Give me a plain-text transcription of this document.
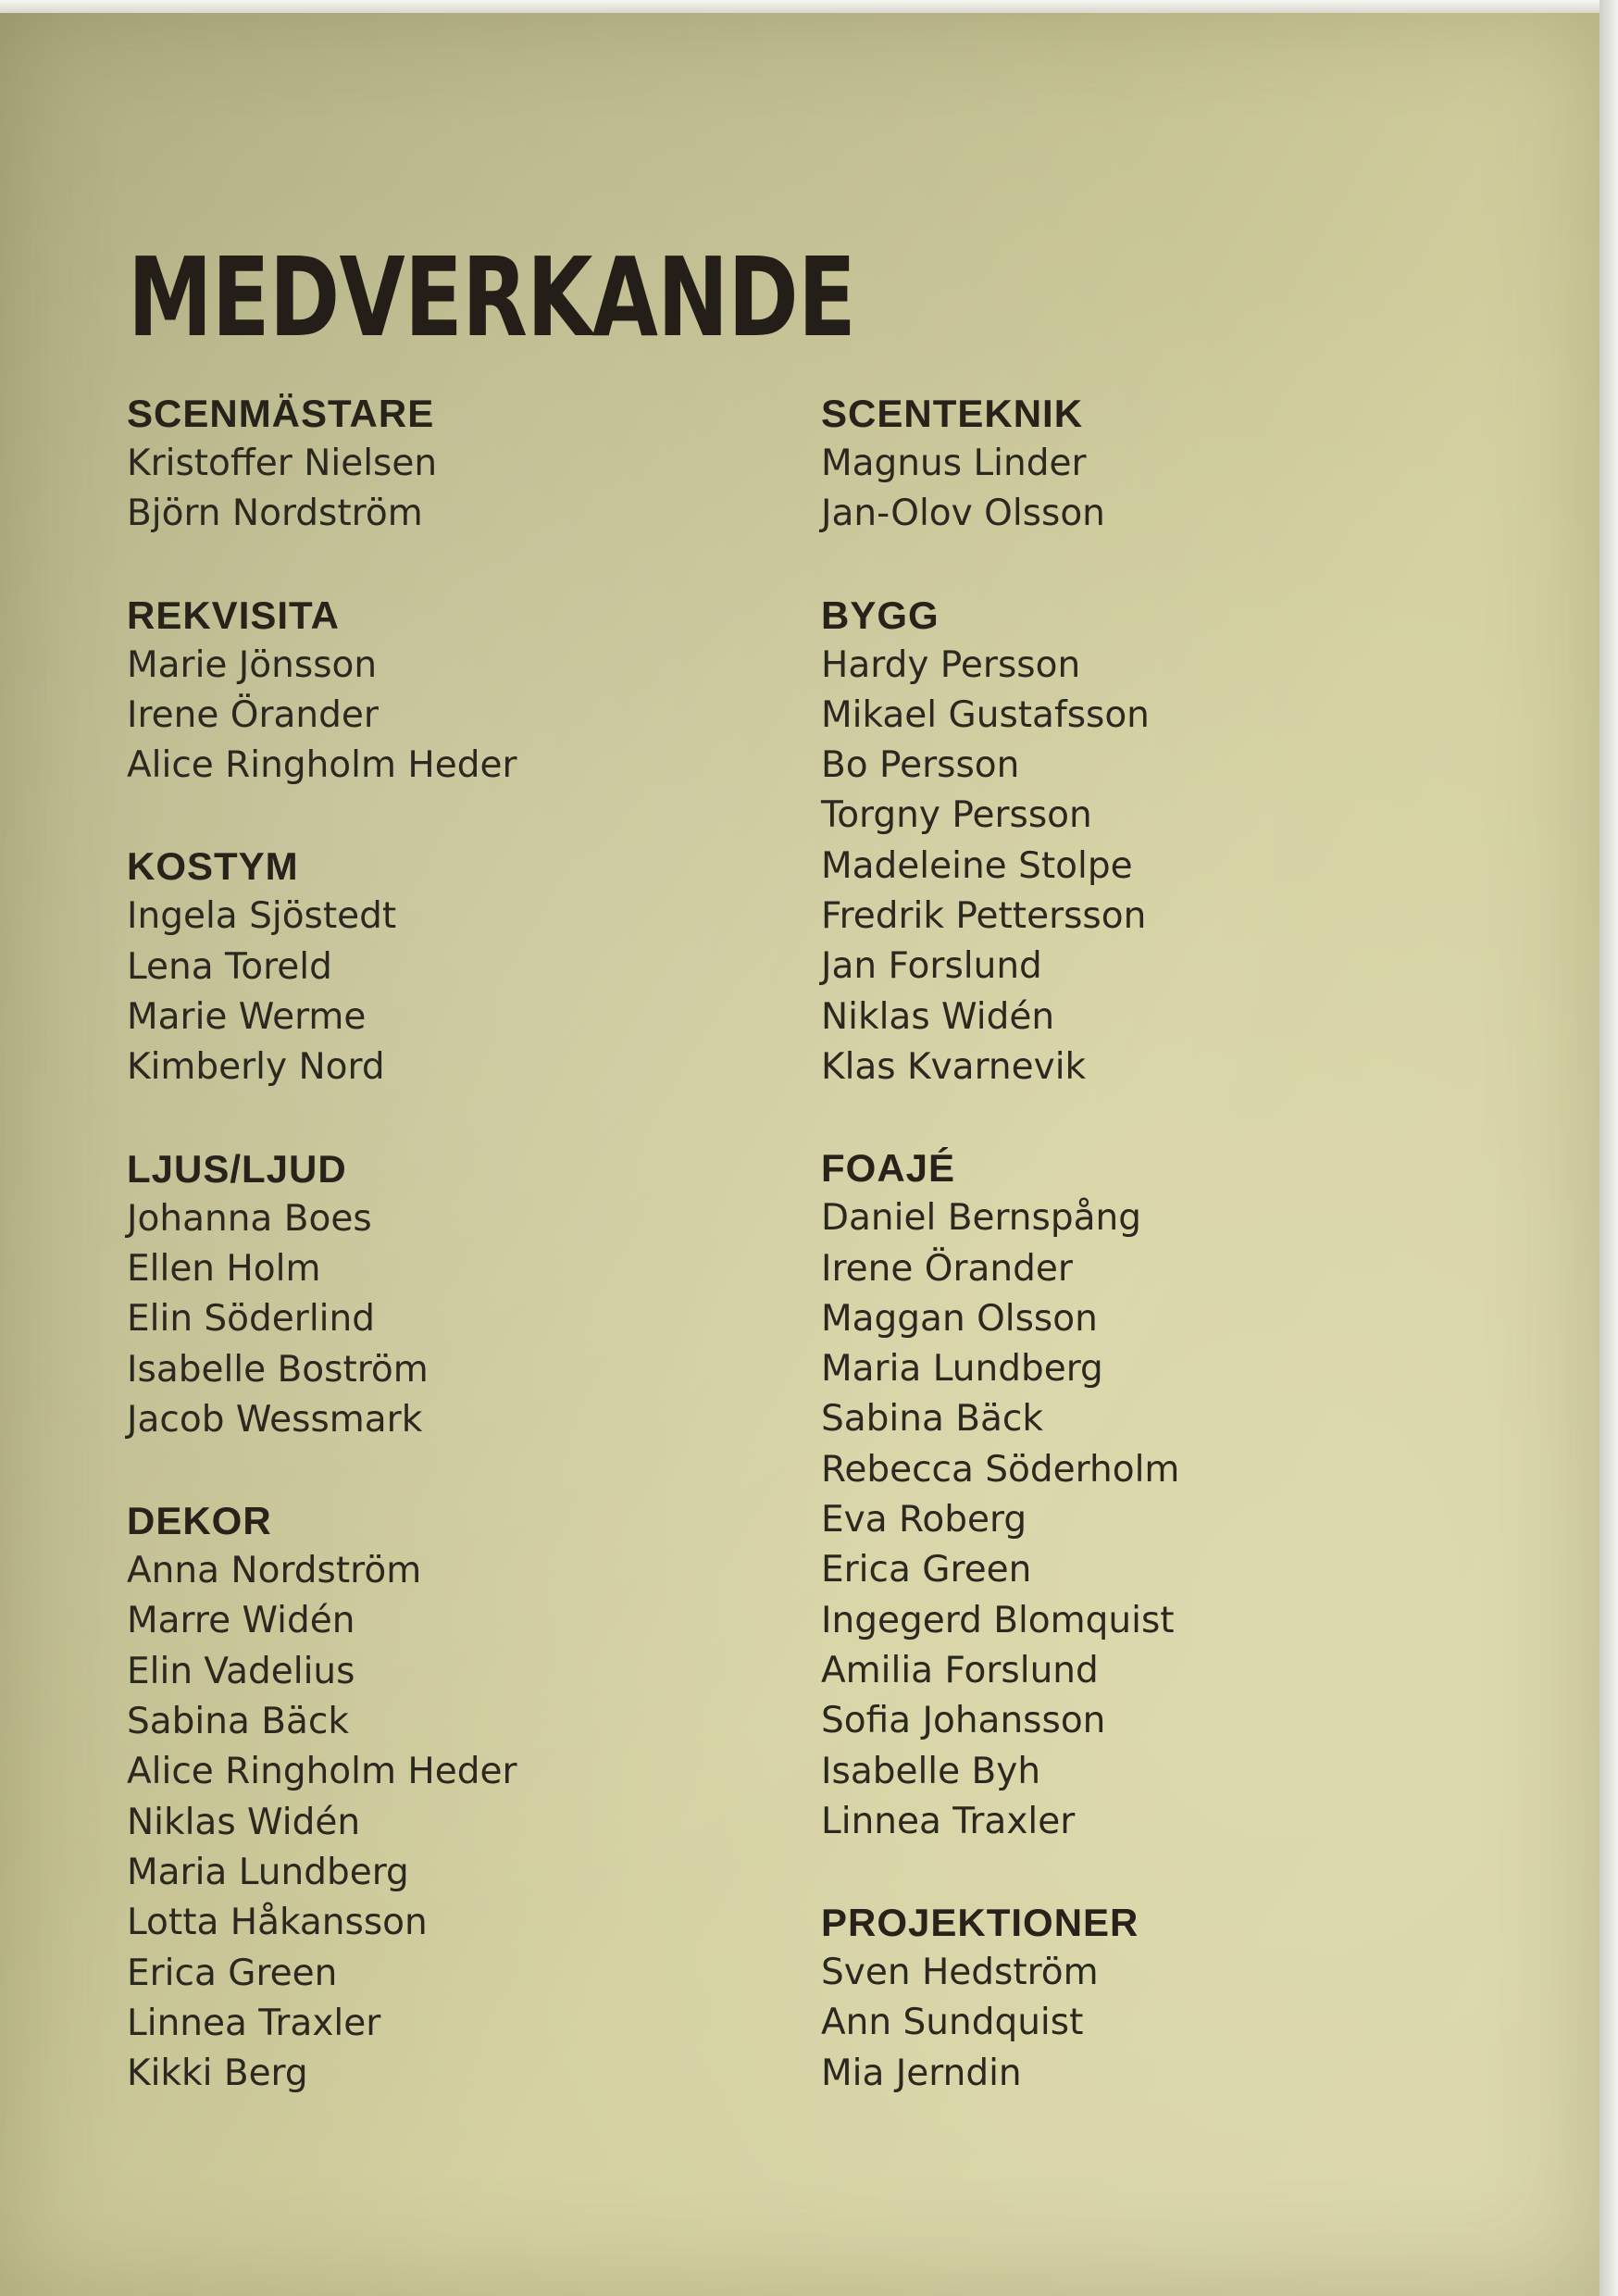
MEDVERKANDE
SCENMÄSTARE
Kristoffer Nielsen
Björn Nordström
REKVISITA
Marie Jönsson
Irene Örander
Alice Ringholm Heder
KOSTYM
Ingela Sjöstedt
Lena Toreld
Marie Werme
Kimberly Nord
LJUS/LJUD
Johanna Boes
Ellen Holm
Elin Söderlind
Isabelle Boström
Jacob Wessmark
DEKOR
Anna Nordström
Marre Widén
Elin Vadelius
Sabina Bäck
Alice Ringholm Heder
Niklas Widén
Maria Lundberg
Lotta Håkansson
Erica Green
Linnea Traxler
Kikki Berg
SCENTEKNIK
Magnus Linder
Jan-Olov Olsson
BYGG
Hardy Persson
Mikael Gustafsson
Bo Persson
Torgny Persson
Madeleine Stolpe
Fredrik Pettersson
Jan Forslund
Niklas Widén
Klas Kvarnevik
FOAJÉ
Daniel Bernspång
Irene Örander
Maggan Olsson
Maria Lundberg
Sabina Bäck
Rebecca Söderholm
Eva Roberg
Erica Green
Ingegerd Blomquist
Amilia Forslund
Sofia Johansson
Isabelle Byh
Linnea Traxler
PROJEKTIONER
Sven Hedström
Ann Sundquist
Mia Jerndin
